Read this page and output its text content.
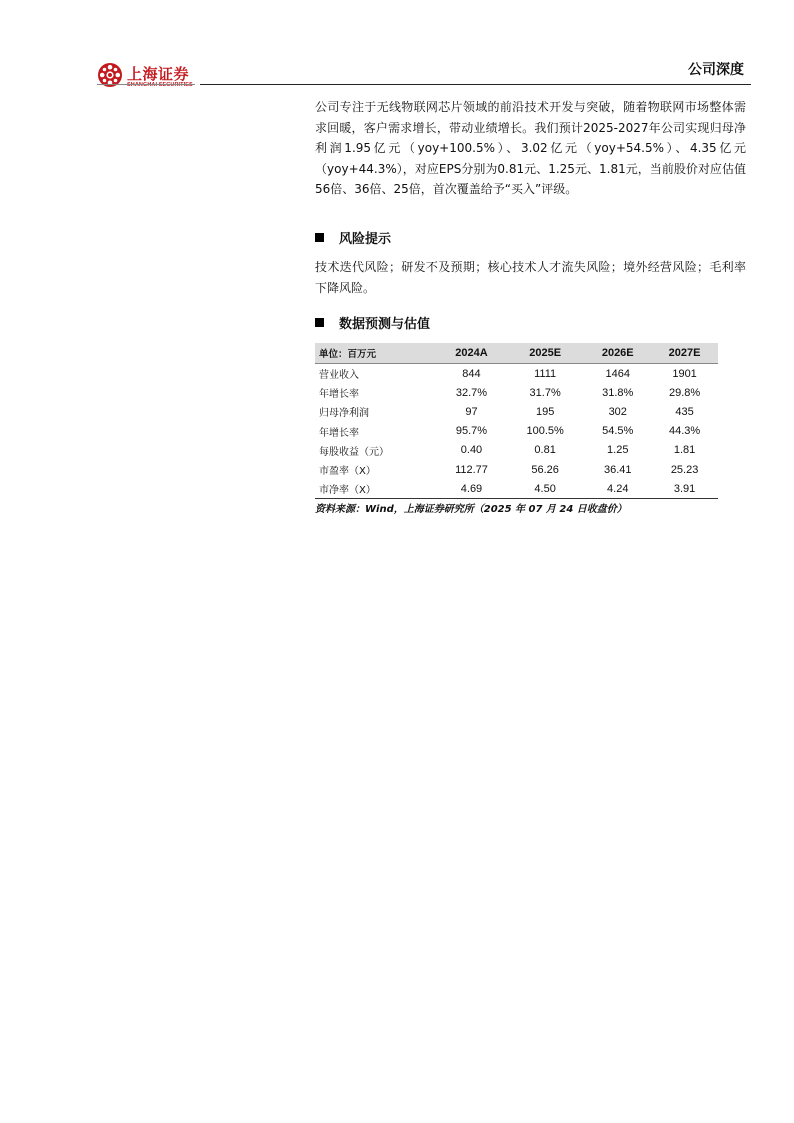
上海证券
SHANGHAI SECURITIES
公司深度

公司专注于无线物联网芯片领域的前沿技术开发与突破，随着物联网市场整体需求回暖，客户需求增长，带动业绩增长。我们预计2025-2027年公司实现归母净利润1.95亿元（yoy+100.5%）、3.02亿元（yoy+54.5%）、4.35亿元（yoy+44.3%），对应EPS分别为0.81元、1.25元、1.81元，当前股价对应估值56倍、36倍、25倍，首次覆盖给予“买入”评级。

风险提示

技术迭代风险；研发不及预期；核心技术人才流失风险；境外经营风险；毛利率下降风险。

数据预测与估值
单位：百万元	2024A	2025E	2026E	2027E
营业收入	844	1111	1464	1901
年增长率	32.7%	31.7%	31.8%	29.8%
归母净利润	97	195	302	435
年增长率	95.7%	100.5%	54.5%	44.3%
每股收益（元）	0.40	0.81	1.25	1.81
市盈率（X）	112.77	56.26	36.41	25.23
市净率（X）	4.69	4.50	4.24	3.91
资料来源：Wind，上海证券研究所（2025 年 07 月 24 日收盘价）
